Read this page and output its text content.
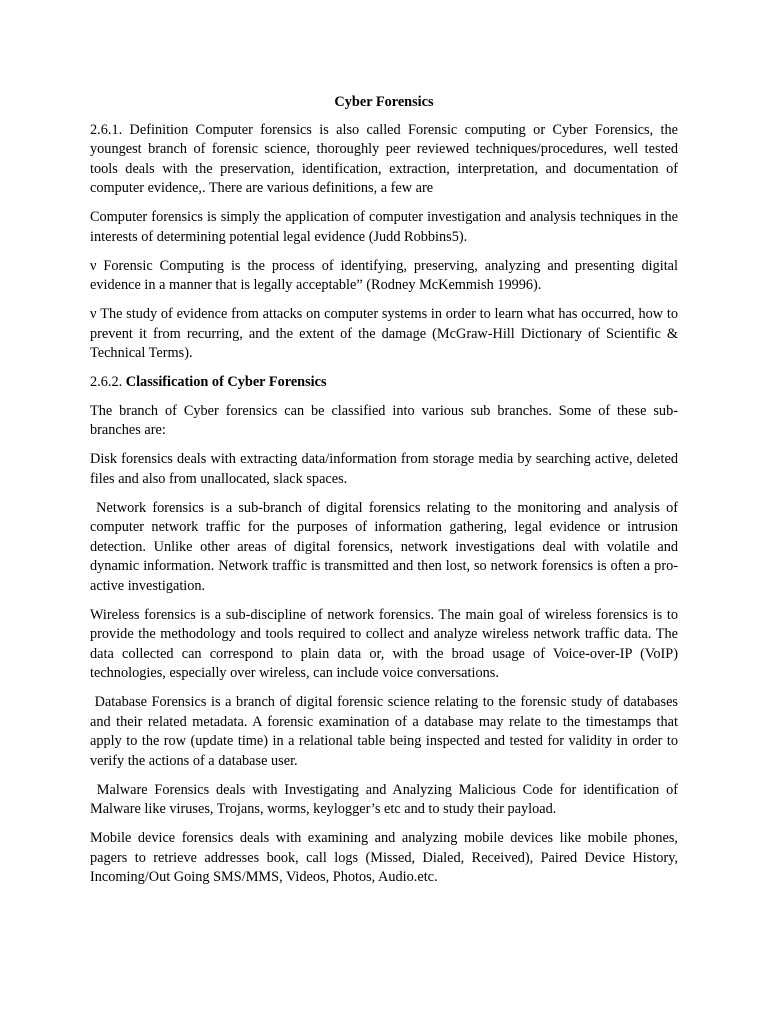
Cyber Forensics

2.6.1. Definition Computer forensics is also called Forensic computing or Cyber Forensics, the youngest branch of forensic science, thoroughly peer reviewed techniques/procedures, well tested tools deals with the preservation, identification, extraction, interpretation, and documentation of computer evidence,. There are various definitions, a few are

Computer forensics is simply the application of computer investigation and analysis techniques in the interests of determining potential legal evidence (Judd Robbins5).

ν Forensic Computing is the process of identifying, preserving, analyzing and presenting digital evidence in a manner that is legally acceptable” (Rodney McKemmish 19996).

ν The study of evidence from attacks on computer systems in order to learn what has occurred, how to prevent it from recurring, and the extent of the damage (McGraw-Hill Dictionary of Scientific & Technical Terms).

2.6.2. Classification of Cyber Forensics

The branch of Cyber forensics can be classified into various sub branches. Some of these sub-branches are:

Disk forensics deals with extracting data/information from storage media by searching active, deleted files and also from unallocated, slack spaces.

Network forensics is a sub-branch of digital forensics relating to the monitoring and analysis of computer network traffic for the purposes of information gathering, legal evidence or intrusion detection. Unlike other areas of digital forensics, network investigations deal with volatile and dynamic information. Network traffic is transmitted and then lost, so network forensics is often a pro-active investigation.

Wireless forensics is a sub-discipline of network forensics. The main goal of wireless forensics is to provide the methodology and tools required to collect and analyze wireless network traffic data. The data collected can correspond to plain data or, with the broad usage of Voice-over-IP (VoIP) technologies, especially over wireless, can include voice conversations.

Database Forensics is a branch of digital forensic science relating to the forensic study of databases and their related metadata. A forensic examination of a database may relate to the timestamps that apply to the row (update time) in a relational table being inspected and tested for validity in order to verify the actions of a database user.

Malware Forensics deals with Investigating and Analyzing Malicious Code for identification of Malware like viruses, Trojans, worms, keylogger’s etc and to study their payload.

Mobile device forensics deals with examining and analyzing mobile devices like mobile phones, pagers to retrieve addresses book, call logs (Missed, Dialed, Received), Paired Device History, Incoming/Out Going SMS/MMS, Videos, Photos, Audio.etc.
